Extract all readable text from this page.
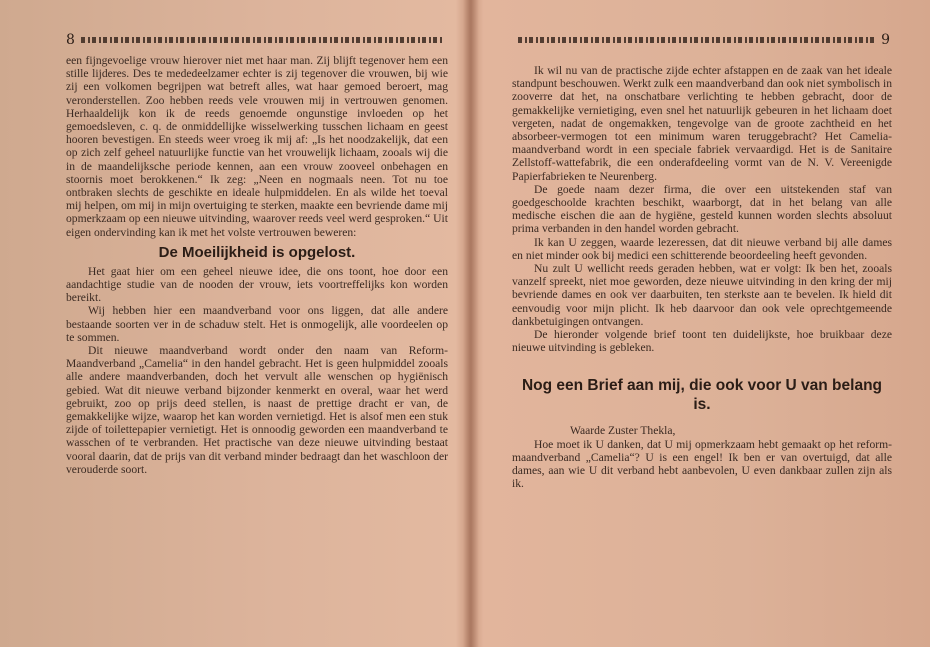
8

een fijngevoelige vrouw hierover niet met haar man. Zij blijft tegenover hem een stille lijderes. Des te mededeelzamer echter is zij tegenover die vrouwen, bij wie zij een volkomen begrijpen wat betreft alles, wat haar gemoed beroert, mag veronderstellen. Zoo hebben reeds vele vrouwen mij in vertrouwen genomen. Herhaaldelijk kon ik de reeds genoemde ongunstige invloeden op het gemoedsleven, c. q. de onmiddellijke wisselwerking tusschen lichaam en geest hooren bevestigen. En steeds weer vroeg ik mij af: „Is het noodzakelijk, dat een op zich zelf geheel natuurlijke functie van het vrouwelijk lichaam, zooals wij die in de maandelijksche periode kennen, aan een vrouw zooveel onbehagen en stoornis moet berokkenen.“ Ik zeg: „Neen en nogmaals neen. Tot nu toe ontbraken slechts de geschikte en ideale hulpmiddelen. En als wilde het toeval mij helpen, om mij in mijn overtuiging te sterken, maakte een bevriende dame mij opmerkzaam op een nieuwe uitvinding, waarover reeds veel werd gesproken.“ Uit eigen ondervinding kan ik met het volste vertrouwen beweren:

De Moeilijkheid is opgelost.

Het gaat hier om een geheel nieuwe idee, die ons toont, hoe door een aandachtige studie van de nooden der vrouw, iets voortreffelijks kon worden bereikt.

Wij hebben hier een maandverband voor ons liggen, dat alle andere bestaande soorten ver in de schaduw stelt. Het is onmogelijk, alle voordeelen op te sommen.

Dit nieuwe maandverband wordt onder den naam van Reform-Maandverband „Camelia“ in den handel gebracht. Het is geen hulpmiddel zooals alle andere maandverbanden, doch het vervult alle wenschen op hygiënisch gebied. Wat dit nieuwe verband bijzonder kenmerkt en overal, waar het werd gebruikt, zoo op prijs deed stellen, is naast de prettige dracht er van, de gemakkelijke wijze, waarop het kan worden vernietigd. Het is alsof men een stuk zijde of toilettepapier vernietigt. Het is onnoodig geworden een maandverband te wasschen of te verbranden. Het practische van deze nieuwe uitvinding bestaat vooral daarin, dat de prijs van dit verband minder bedraagt dan het waschloon der verouderde soort.

9

Ik wil nu van de practische zijde echter afstappen en de zaak van het ideale standpunt beschouwen. Werkt zulk een maandverband dan ook niet symbolisch in zooverre dat het, na onschatbare verlichting te hebben gebracht, door de gemakkelijke vernietiging, even snel het natuurlijk gebeuren in het lichaam doet vergeten, nadat de ongemakken, tengevolge van de groote zachtheid en het absorbeer-vermogen tot een minimum waren teruggebracht? Het Camelia-maandverband wordt in een speciale fabriek vervaardigd. Het is de Sanitaire Zellstoff-wattefabrik, die een onderafdeeling vormt van de N. V. Vereenigde Papierfabrieken te Neurenberg.

De goede naam dezer firma, die over een uitstekenden staf van goedgeschoolde krachten beschikt, waarborgt, dat in het belang van alle medische eischen die aan de hygiëne, gesteld kunnen worden slechts absoluut prima verbanden in den handel worden gebracht.

Ik kan U zeggen, waarde lezeressen, dat dit nieuwe verband bij alle dames en niet minder ook bij medici een schitterende beoordeeling heeft gevonden.

Nu zult U wellicht reeds geraden hebben, wat er volgt: Ik ben het, zooals vanzelf spreekt, niet moe geworden, deze nieuwe uitvinding in den kring der mij bevriende dames en ook ver daarbuiten, ten sterkste aan te bevelen. Ik hield dit eenvoudig voor mijn plicht. Ik heb daarvoor dan ook vele oprechtgemeende dankbetuigingen ontvangen.

De hieronder volgende brief toont ten duidelijkste, hoe bruikbaar deze nieuwe uitvinding is gebleken.

Nog een Brief aan mij, die ook voor U van belang is.

Waarde Zuster Thekla,

Hoe moet ik U danken, dat U mij opmerkzaam hebt gemaakt op het reform-maandverband „Camelia“? U is een engel! Ik ben er van overtuigd, dat alle dames, aan wie U dit verband hebt aanbevolen, U even dankbaar zullen zijn als ik.
